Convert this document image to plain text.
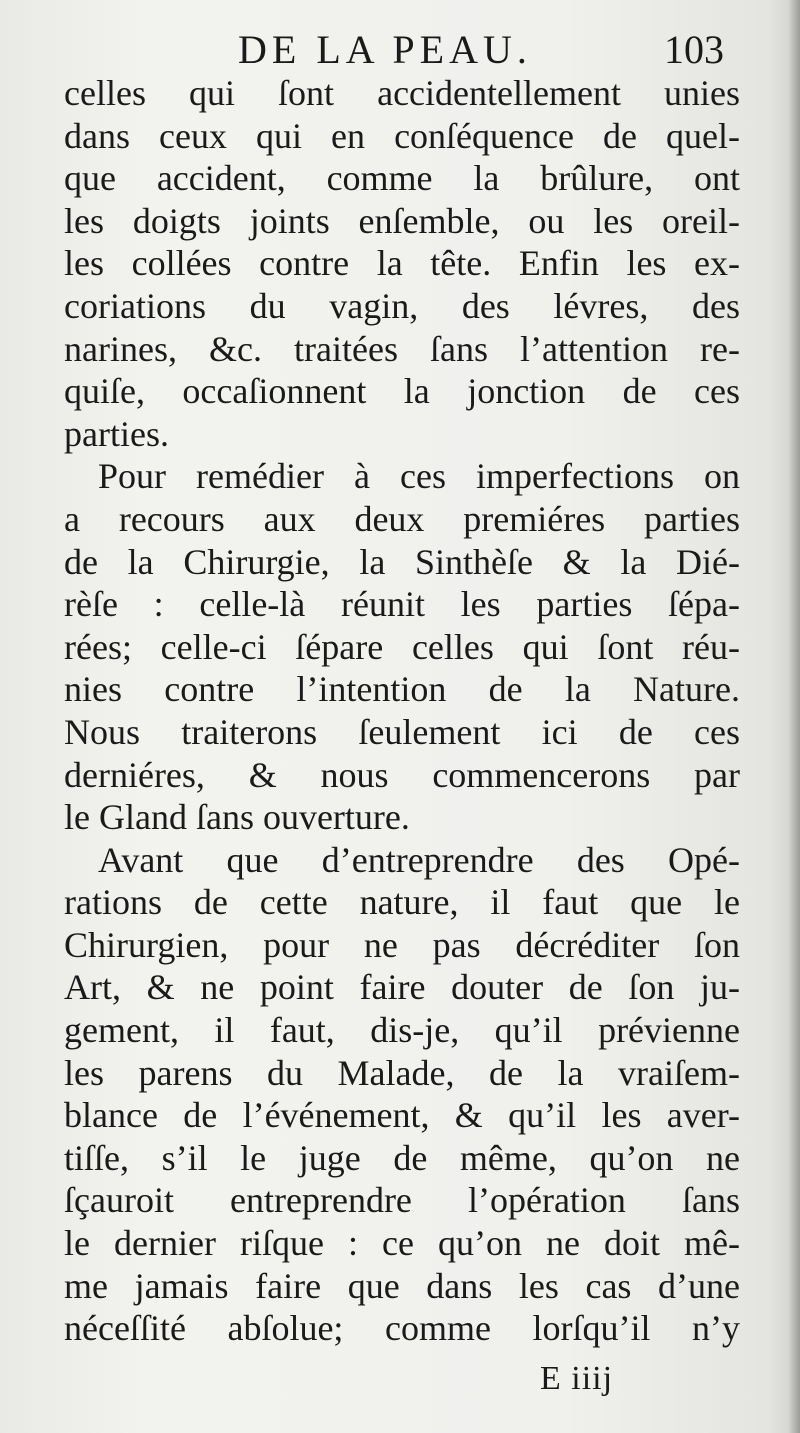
DE LA PEAU.	103
celles qui ſont accidentellement unies
dans ceux qui en conſéquence de quel-
que accident, comme la brûlure, ont
les doigts joints enſemble, ou les oreil-
les collées contre la tête. Enfin les ex-
coriations du vagin, des lévres, des
narines, &c. traitées ſans l’attention re-
quiſe, occaſionnent la jonction de ces
parties.
Pour remédier à ces imperfections on
a recours aux deux premiéres parties
de la Chirurgie, la Sinthèſe & la Dié-
rèſe : celle-là réunit les parties ſépa-
rées; celle-ci ſépare celles qui ſont réu-
nies contre l’intention de la Nature.
Nous traiterons ſeulement ici de ces
derniéres, & nous commencerons par
le Gland ſans ouverture.
Avant que d’entreprendre des Opé-
rations de cette nature, il faut que le
Chirurgien, pour ne pas décréditer ſon
Art, & ne point faire douter de ſon ju-
gement, il faut, dis-je, qu’il prévienne
les parens du Malade, de la vraiſem-
blance de l’événement, & qu’il les aver-
tiſſe, s’il le juge de même, qu’on ne
ſçauroit entreprendre l’opération ſans
le dernier riſque : ce qu’on ne doit mê-
me jamais faire que dans les cas d’une
néceſſité abſolue; comme lorſqu’il n’y
E iiij
